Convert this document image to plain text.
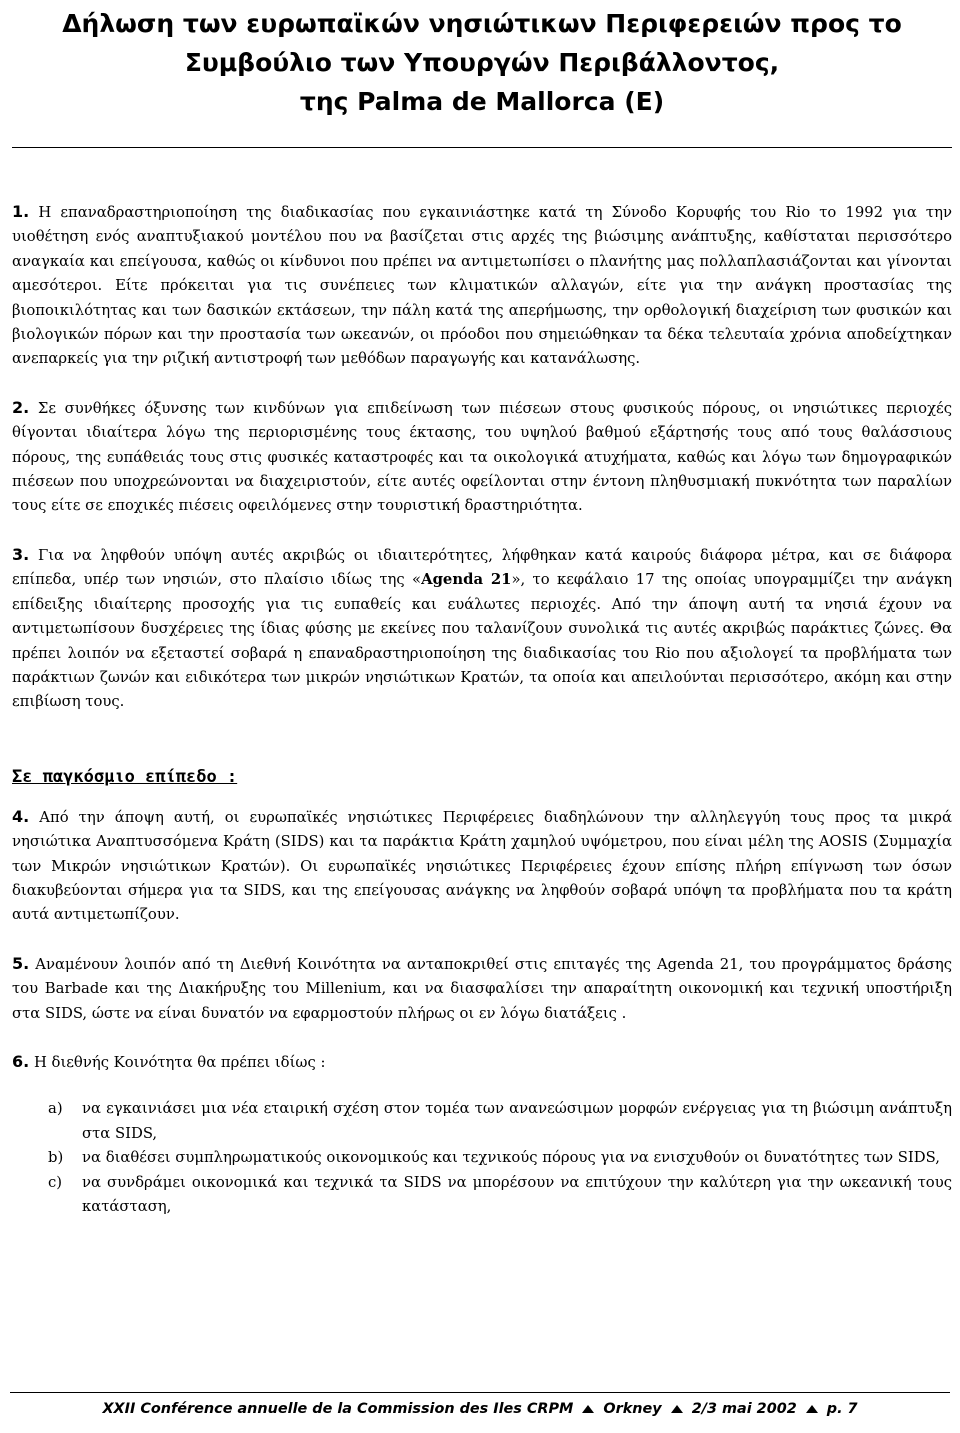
Δήλωση των ευρωπαϊκών νησιώτικων Περιφερειών προς το
Συμβούλιο των Υπουργών Περιβάλλοντος,
της Palma de Mallorca (E)

1. Η επαναδραστηριοποίηση της διαδικασίας που εγκαινιάστηκε κατά τη Σύνοδο Κορυφής του Rio το 1992 για την υιοθέτηση ενός αναπτυξιακού μοντέλου που να βασίζεται στις αρχές της βιώσιμης ανάπτυξης, καθίσταται περισσότερο αναγκαία και επείγουσα, καθώς οι κίνδυνοι που πρέπει να αντιμετωπίσει ο πλανήτης μας πολλαπλασιάζονται και γίνονται αμεσότεροι. Είτε πρόκειται για τις συνέπειες των κλιματικών αλλαγών, είτε για την ανάγκη προστασίας της βιοποικιλότητας και των δασικών εκτάσεων, την πάλη κατά της απερήμωσης, την ορθολογική διαχείριση των φυσικών και βιολογικών πόρων και την προστασία των ωκεανών, οι πρόοδοι που σημειώθηκαν τα δέκα τελευταία χρόνια αποδείχτηκαν ανεπαρκείς για την ριζική αντιστροφή των μεθόδων παραγωγής και κατανάλωσης.

2. Σε συνθήκες όξυνσης των κινδύνων για επιδείνωση των πιέσεων στους φυσικούς πόρους, οι νησιώτικες περιοχές θίγονται ιδιαίτερα λόγω της περιορισμένης τους έκτασης, του υψηλού βαθμού εξάρτησής τους από τους θαλάσσιους πόρους, της ευπάθειάς τους στις φυσικές καταστροφές και τα οικολογικά ατυχήματα, καθώς και λόγω των δημογραφικών πιέσεων που υποχρεώνονται να διαχειριστούν, είτε αυτές οφείλονται στην έντονη πληθυσμιακή πυκνότητα των παραλίων τους είτε σε εποχικές πιέσεις οφειλόμενες στην τουριστική δραστηριότητα.

3. Για να ληφθούν υπόψη αυτές ακριβώς οι ιδιαιτερότητες, λήφθηκαν κατά καιρούς διάφορα μέτρα, και σε διάφορα επίπεδα, υπέρ των νησιών, στο πλαίσιο ιδίως της «Agenda 21», το κεφάλαιο 17 της οποίας υπογραμμίζει την ανάγκη επίδειξης ιδιαίτερης προσοχής για τις ευπαθείς και ευάλωτες περιοχές. Από την άποψη αυτή τα νησιά έχουν να αντιμετωπίσουν δυσχέρειες της ίδιας φύσης με εκείνες που ταλανίζουν συνολικά τις αυτές ακριβώς παράκτιες ζώνες. Θα πρέπει λοιπόν να εξεταστεί σοβαρά η επαναδραστηριοποίηση της διαδικασίας του Rio που αξιολογεί τα προβλήματα των παράκτιων ζωνών και ειδικότερα των μικρών νησιώτικων Κρατών, τα οποία και απειλούνται περισσότερο, ακόμη και στην επιβίωση τους.

Σε παγκόσμιο επίπεδο :

4. Από την άποψη αυτή, οι ευρωπαϊκές νησιώτικες Περιφέρειες διαδηλώνουν την αλληλεγγύη τους προς τα μικρά νησιώτικα Αναπτυσσόμενα Κράτη (SIDS) και τα παράκτια Κράτη χαμηλού υψόμετρου, που είναι μέλη της AOSIS (Συμμαχία των Μικρών νησιώτικων Κρατών). Οι ευρωπαϊκές νησιώτικες Περιφέρειες έχουν επίσης πλήρη επίγνωση των όσων διακυβεύονται σήμερα για τα SIDS, και της επείγουσας ανάγκης να ληφθούν σοβαρά υπόψη τα προβλήματα που τα κράτη αυτά αντιμετωπίζουν.

5. Αναμένουν λοιπόν από τη Διεθνή Κοινότητα να ανταποκριθεί στις επιταγές της Agenda 21, του προγράμματος δράσης του Barbade και της Διακήρυξης του Millenium, και να διασφαλίσει την απαραίτητη οικονομική και τεχνική υποστήριξη στα SIDS, ώστε να είναι δυνατόν να εφαρμοστούν πλήρως οι εν λόγω διατάξεις .

6. Η διεθνής Κοινότητα θα πρέπει ιδίως :

a) να εγκαινιάσει μια νέα εταιρική σχέση στον τομέα των ανανεώσιμων μορφών ενέργειας για τη βιώσιμη ανάπτυξη στα SIDS,
b) να διαθέσει συμπληρωματικούς οικονομικούς και τεχνικούς πόρους για να ενισχυθούν οι δυνατότητες των SIDS,
c) να συνδράμει οικονομικά και τεχνικά τα SIDS να μπορέσουν να επιτύχουν την καλύτερη για την ωκεανική τους κατάσταση,
XXII Conférence annuelle de la Commission des Iles CRPM Orkney 2/3 mai 2002 p. 7
